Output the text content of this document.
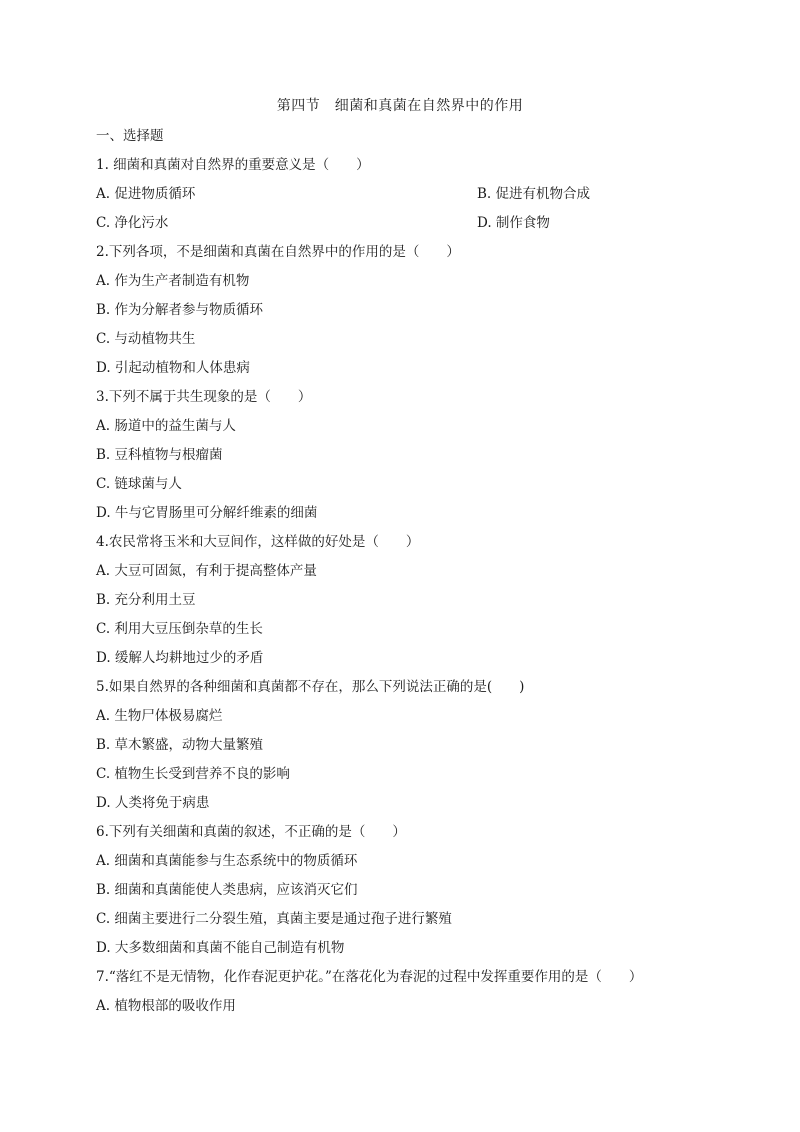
第四节　细菌和真菌在自然界中的作用
一、选择题
1. 细菌和真菌对自然界的重要意义是（　　）
A. 促进物质循环	B. 促进有机物合成
C. 净化污水	D. 制作食物
2.下列各项，不是细菌和真菌在自然界中的作用的是（　　）
A. 作为生产者制造有机物
B. 作为分解者参与物质循环
C. 与动植物共生
D. 引起动植物和人体患病
3.下列不属于共生现象的是（　　）
A. 肠道中的益生菌与人
B. 豆科植物与根瘤菌
C. 链球菌与人
D. 牛与它胃肠里可分解纤维素的细菌
4.农民常将玉米和大豆间作，这样做的好处是（　　）
A. 大豆可固氮，有利于提高整体产量
B. 充分利用土豆
C. 利用大豆压倒杂草的生长
D. 缓解人均耕地过少的矛盾
5.如果自然界的各种细菌和真菌都不存在，那么下列说法正确的是(　　)
A. 生物尸体极易腐烂
B. 草木繁盛，动物大量繁殖
C. 植物生长受到营养不良的影响
D. 人类将免于病患
6.下列有关细菌和真菌的叙述，不正确的是（　　）
A. 细菌和真菌能参与生态系统中的物质循环
B. 细菌和真菌能使人类患病，应该消灭它们
C. 细菌主要进行二分裂生殖，真菌主要是通过孢子进行繁殖
D. 大多数细菌和真菌不能自己制造有机物
7.“落红不是无情物，化作春泥更护花。”在落花化为春泥的过程中发挥重要作用的是（　　）
A. 植物根部的吸收作用
